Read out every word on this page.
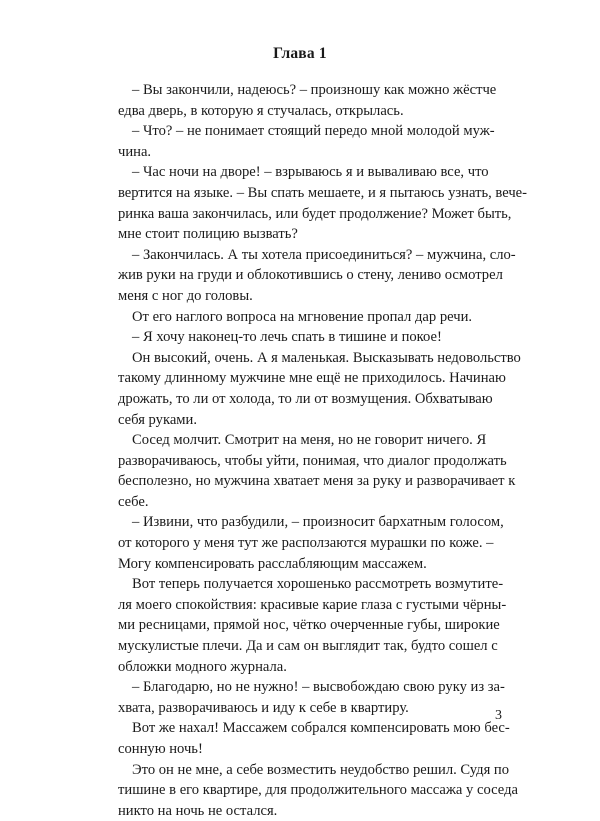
Глава 1
– Вы закончили, надеюсь? – произношу как можно жёстче
едва дверь, в которую я стучалась, открылась.
– Что? – не понимает стоящий передо мной молодой муж-
чина.
– Час ночи на дворе! – взрываюсь я и вываливаю все, что
вертится на языке. – Вы спать мешаете, и я пытаюсь узнать, вече-
ринка ваша закончилась, или будет продолжение? Может быть,
мне стоит полицию вызвать?
– Закончилась. А ты хотела присоединиться? – мужчина, сло-
жив руки на груди и облокотившись о стену, лениво осмотрел
меня с ног до головы.
От его наглого вопроса на мгновение пропал дар речи.
– Я хочу наконец-то лечь спать в тишине и покое!
Он высокий, очень. А я маленькая. Высказывать недовольство
такому длинному мужчине мне ещё не приходилось. Начинаю
дрожать, то ли от холода, то ли от возмущения. Обхватываю
себя руками.
Сосед молчит. Смотрит на меня, но не говорит ничего. Я
разворачиваюсь, чтобы уйти, понимая, что диалог продолжать
бесполезно, но мужчина хватает меня за руку и разворачивает к
себе.
– Извини, что разбудили, – произносит бархатным голосом,
от которого у меня тут же расползаются мурашки по коже. –
Могу компенсировать расслабляющим массажем.
Вот теперь получается хорошенько рассмотреть возмутите-
ля моего спокойствия: красивые карие глаза с густыми чёрны-
ми ресницами, прямой нос, чётко очерченные губы, широкие
мускулистые плечи. Да и сам он выглядит так, будто сошел с
обложки модного журнала.
– Благодарю, но не нужно! – высвобождаю свою руку из за-
хвата, разворачиваюсь и иду к себе в квартиру.
Вот же нахал! Массажем собрался компенсировать мою бес-
сонную ночь!
Это он не мне, а себе возместить неудобство решил. Судя по
тишине в его квартире, для продолжительного массажа у соседа
никто на ночь не остался.
3
